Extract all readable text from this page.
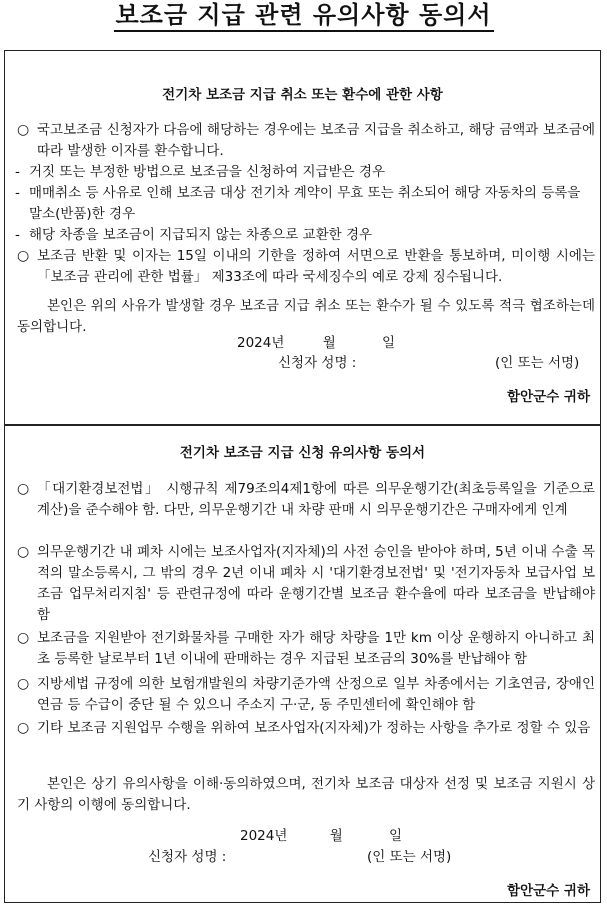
보조금 지급 관련 유의사항 동의서
전기차 보조금 지급 취소 또는 환수에 관한 사항
○ 국고보조금 신청자가 다음에 해당하는 경우에는 보조금 지급을 취소하고, 해당 금액과 보조금에 따라 발생한 이자를 환수합니다.
- 거짓 또는 부정한 방법으로 보조금을 신청하여 지급받은 경우
- 매매취소 등 사유로 인해 보조금 대상 전기차 계약이 무효 또는 취소되어 해당 자동차의 등록을 말소(반품)한 경우
- 해당 차종을 보조금이 지급되지 않는 차종으로 교환한 경우
○ 보조금 반환 및 이자는 15일 이내의 기한을 정하여 서면으로 반환을 통보하며, 미이행 시에는 「보조금 관리에 관한 법률」 제33조에 따라 국세징수의 예로 강제 징수됩니다.
본인은 위의 사유가 발생할 경우 보조금 지급 취소 또는 환수가 될 수 있도록 적극 협조하는데 동의합니다.
2024년	월	일
신청자 성명 :	(인 또는 서명)
함안군수 귀하
전기차 보조금 지급 신청 유의사항 동의서
○ 「대기환경보전법」 시행규칙 제79조의4제1항에 따른 의무운행기간(최초등록일을 기준으로 계산)을 준수해야 함. 다만, 의무운행기간 내 차량 판매 시 의무운행기간은 구매자에게 인계
○ 의무운행기간 내 폐차 시에는 보조사업자(지자체)의 사전 승인을 받아야 하며, 5년 이내 수출 목적의 말소등록시, 그 밖의 경우 2년 이내 폐차 시 '대기환경보전법' 및 '전기자동차 보급사업 보조금 업무처리지침' 등 관련규정에 따라 운행기간별 보조금 환수율에 따라 보조금을 반납해야 함
○ 보조금을 지원받아 전기화물차를 구매한 자가 해당 차량을 1만 km 이상 운행하지 아니하고 최초 등록한 날로부터 1년 이내에 판매하는 경우 지급된 보조금의 30%를 반납해야 함
○ 지방세법 규정에 의한 보험개발원의 차량기준가액 산정으로 일부 차종에서는 기초연금, 장애인연금 등 수급이 중단 될 수 있으니 주소지 구·군, 동 주민센터에 확인해야 함
○ 기타 보조금 지원업무 수행을 위하여 보조사업자(지자체)가 정하는 사항을 추가로 정할 수 있음
본인은 상기 유의사항을 이해·동의하였으며, 전기차 보조금 대상자 선정 및 보조금 지원시 상기 사항의 이행에 동의합니다.
2024년	월	일
신청자 성명 :	(인 또는 서명)
함안군수 귀하
